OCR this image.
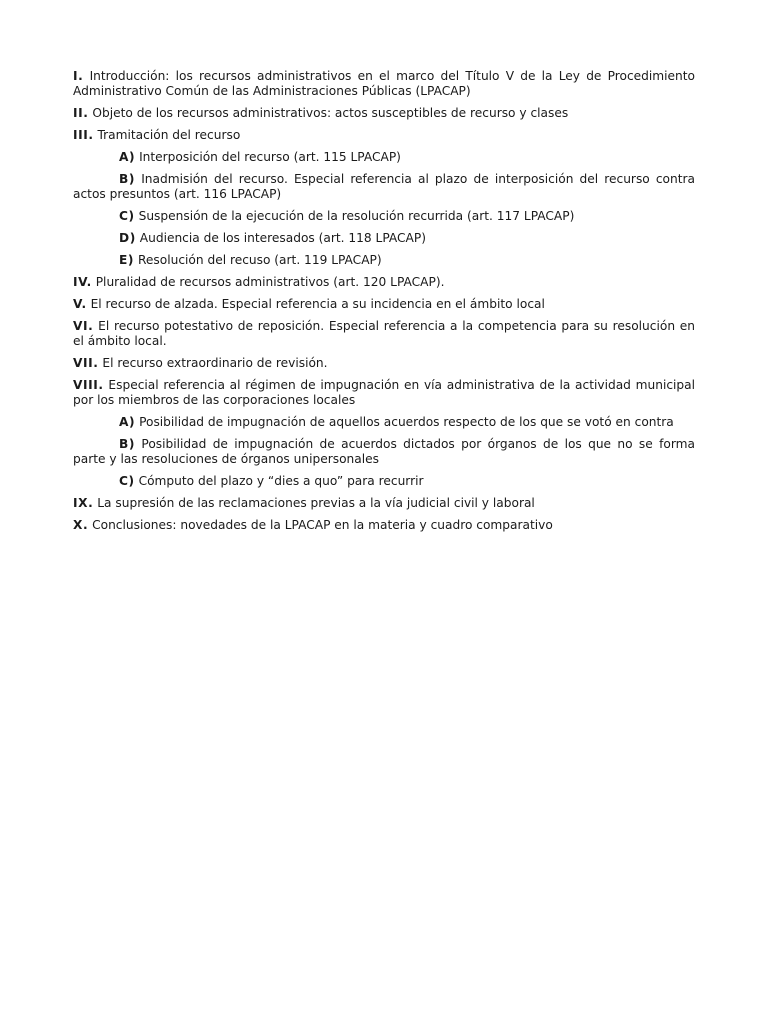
I. Introducción: los recursos administrativos en el marco del Título V de la Ley de Procedimiento Administrativo Común de las Administraciones Públicas (LPACAP)

II. Objeto de los recursos administrativos: actos susceptibles de recurso y clases

III. Tramitación del recurso

A) Interposición del recurso (art. 115 LPACAP)

B) Inadmisión del recurso. Especial referencia al plazo de interposición del recurso contra actos presuntos (art. 116 LPACAP)

C) Suspensión de la ejecución de la resolución recurrida (art. 117 LPACAP)

D) Audiencia de los interesados (art. 118 LPACAP)

E) Resolución del recuso (art. 119 LPACAP)

IV. Pluralidad de recursos administrativos (art. 120 LPACAP).

V. El recurso de alzada. Especial referencia a su incidencia en el ámbito local

VI. El recurso potestativo de reposición. Especial referencia a la competencia para su resolución en el ámbito local.

VII. El recurso extraordinario de revisión.

VIII. Especial referencia al régimen de impugnación en vía administrativa de la actividad municipal por los miembros de las corporaciones locales

A) Posibilidad de impugnación de aquellos acuerdos respecto de los que se votó en contra

B) Posibilidad de impugnación de acuerdos dictados por órganos de los que no se forma parte y las resoluciones de órganos unipersonales

C) Cómputo del plazo y “dies a quo” para recurrir

IX. La supresión de las reclamaciones previas a la vía judicial civil y laboral

X. Conclusiones: novedades de la LPACAP en la materia y cuadro comparativo
